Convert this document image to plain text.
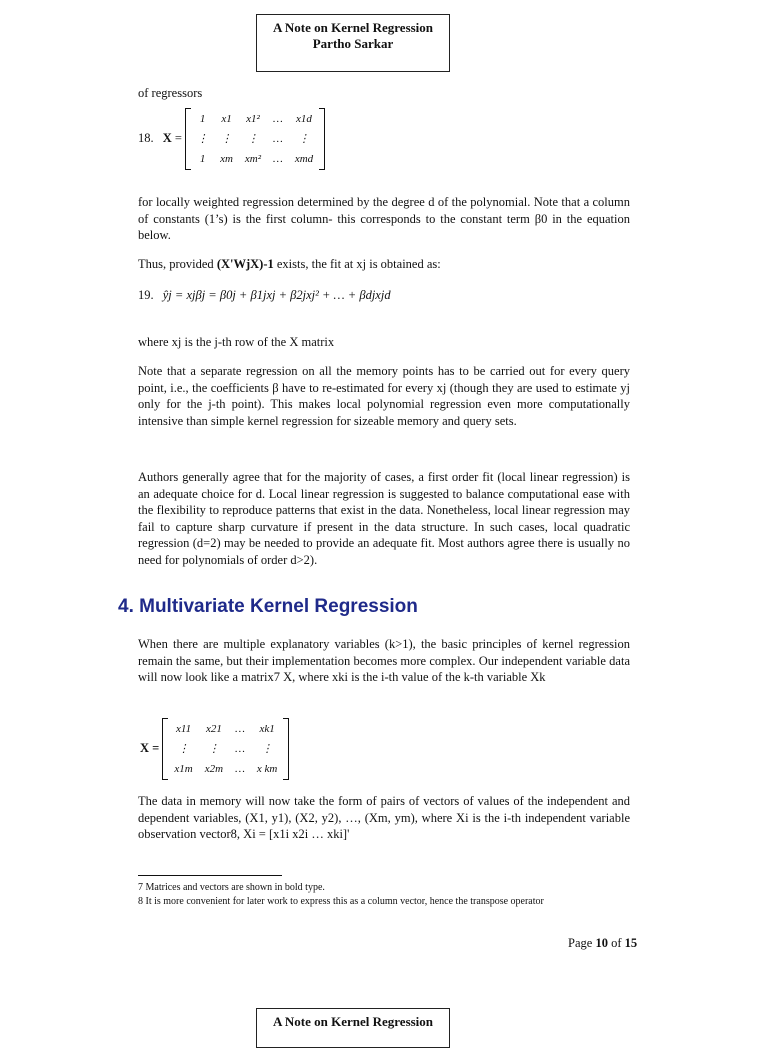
A Note on Kernel Regression
Partho Sarkar
of regressors
18. X =
1 x1 x1² … x1d
⋮ ⋮ ⋮ …	⋮
1 xm xm² … xmd
for locally weighted regression determined by the degree d of the polynomial. Note that a column of constants (1’s) is the first column- this corresponds to the constant term β0 in the equation below.
Thus, provided (X'WjX)-1 exists, the fit at xj is obtained as:
19. ŷj = xjβj = β0j + β1jxj + β2jxj² + … + βdjxjd
where xj is the j-th row of the X matrix
Note that a separate regression on all the memory points has to be carried out for every query point, i.e., the coefficients β have to re-estimated for every xj (though they are used to estimate yj only for the j-th point). This makes local polynomial regression even more computationally intensive than simple kernel regression for sizeable memory and query sets.
Authors generally agree that for the majority of cases, a first order fit (local linear regression) is an adequate choice for d. Local linear regression is suggested to balance computational ease with the flexibility to reproduce patterns that exist in the data. Nonetheless, local linear regression may fail to capture sharp curvature if present in the data structure. In such cases, local quadratic regression (d=2) may be needed to provide an adequate fit. Most authors agree there is usually no need for polynomials of order d>2).
4. Multivariate Kernel Regression
When there are multiple explanatory variables (k>1), the basic principles of kernel regression remain the same, but their implementation becomes more complex. Our independent variable data will now look like a matrix7 X, where xki is the i-th value of the k-th variable Xk
X =
x11 x21 … xk1
⋮	⋮	…	⋮
x1m x2m … x km
The data in memory will now take the form of pairs of vectors of values of the independent and dependent variables, (X1, y1), (X2, y2), …, (Xm, ym), where Xi is the i-th independent variable observation vector8, Xi = [x1i x2i … xki]'
7 Matrices and vectors are shown in bold type.
8 It is more convenient for later work to express this as a column vector, hence the transpose operator
Page 10 of 15
A Note on Kernel Regression
